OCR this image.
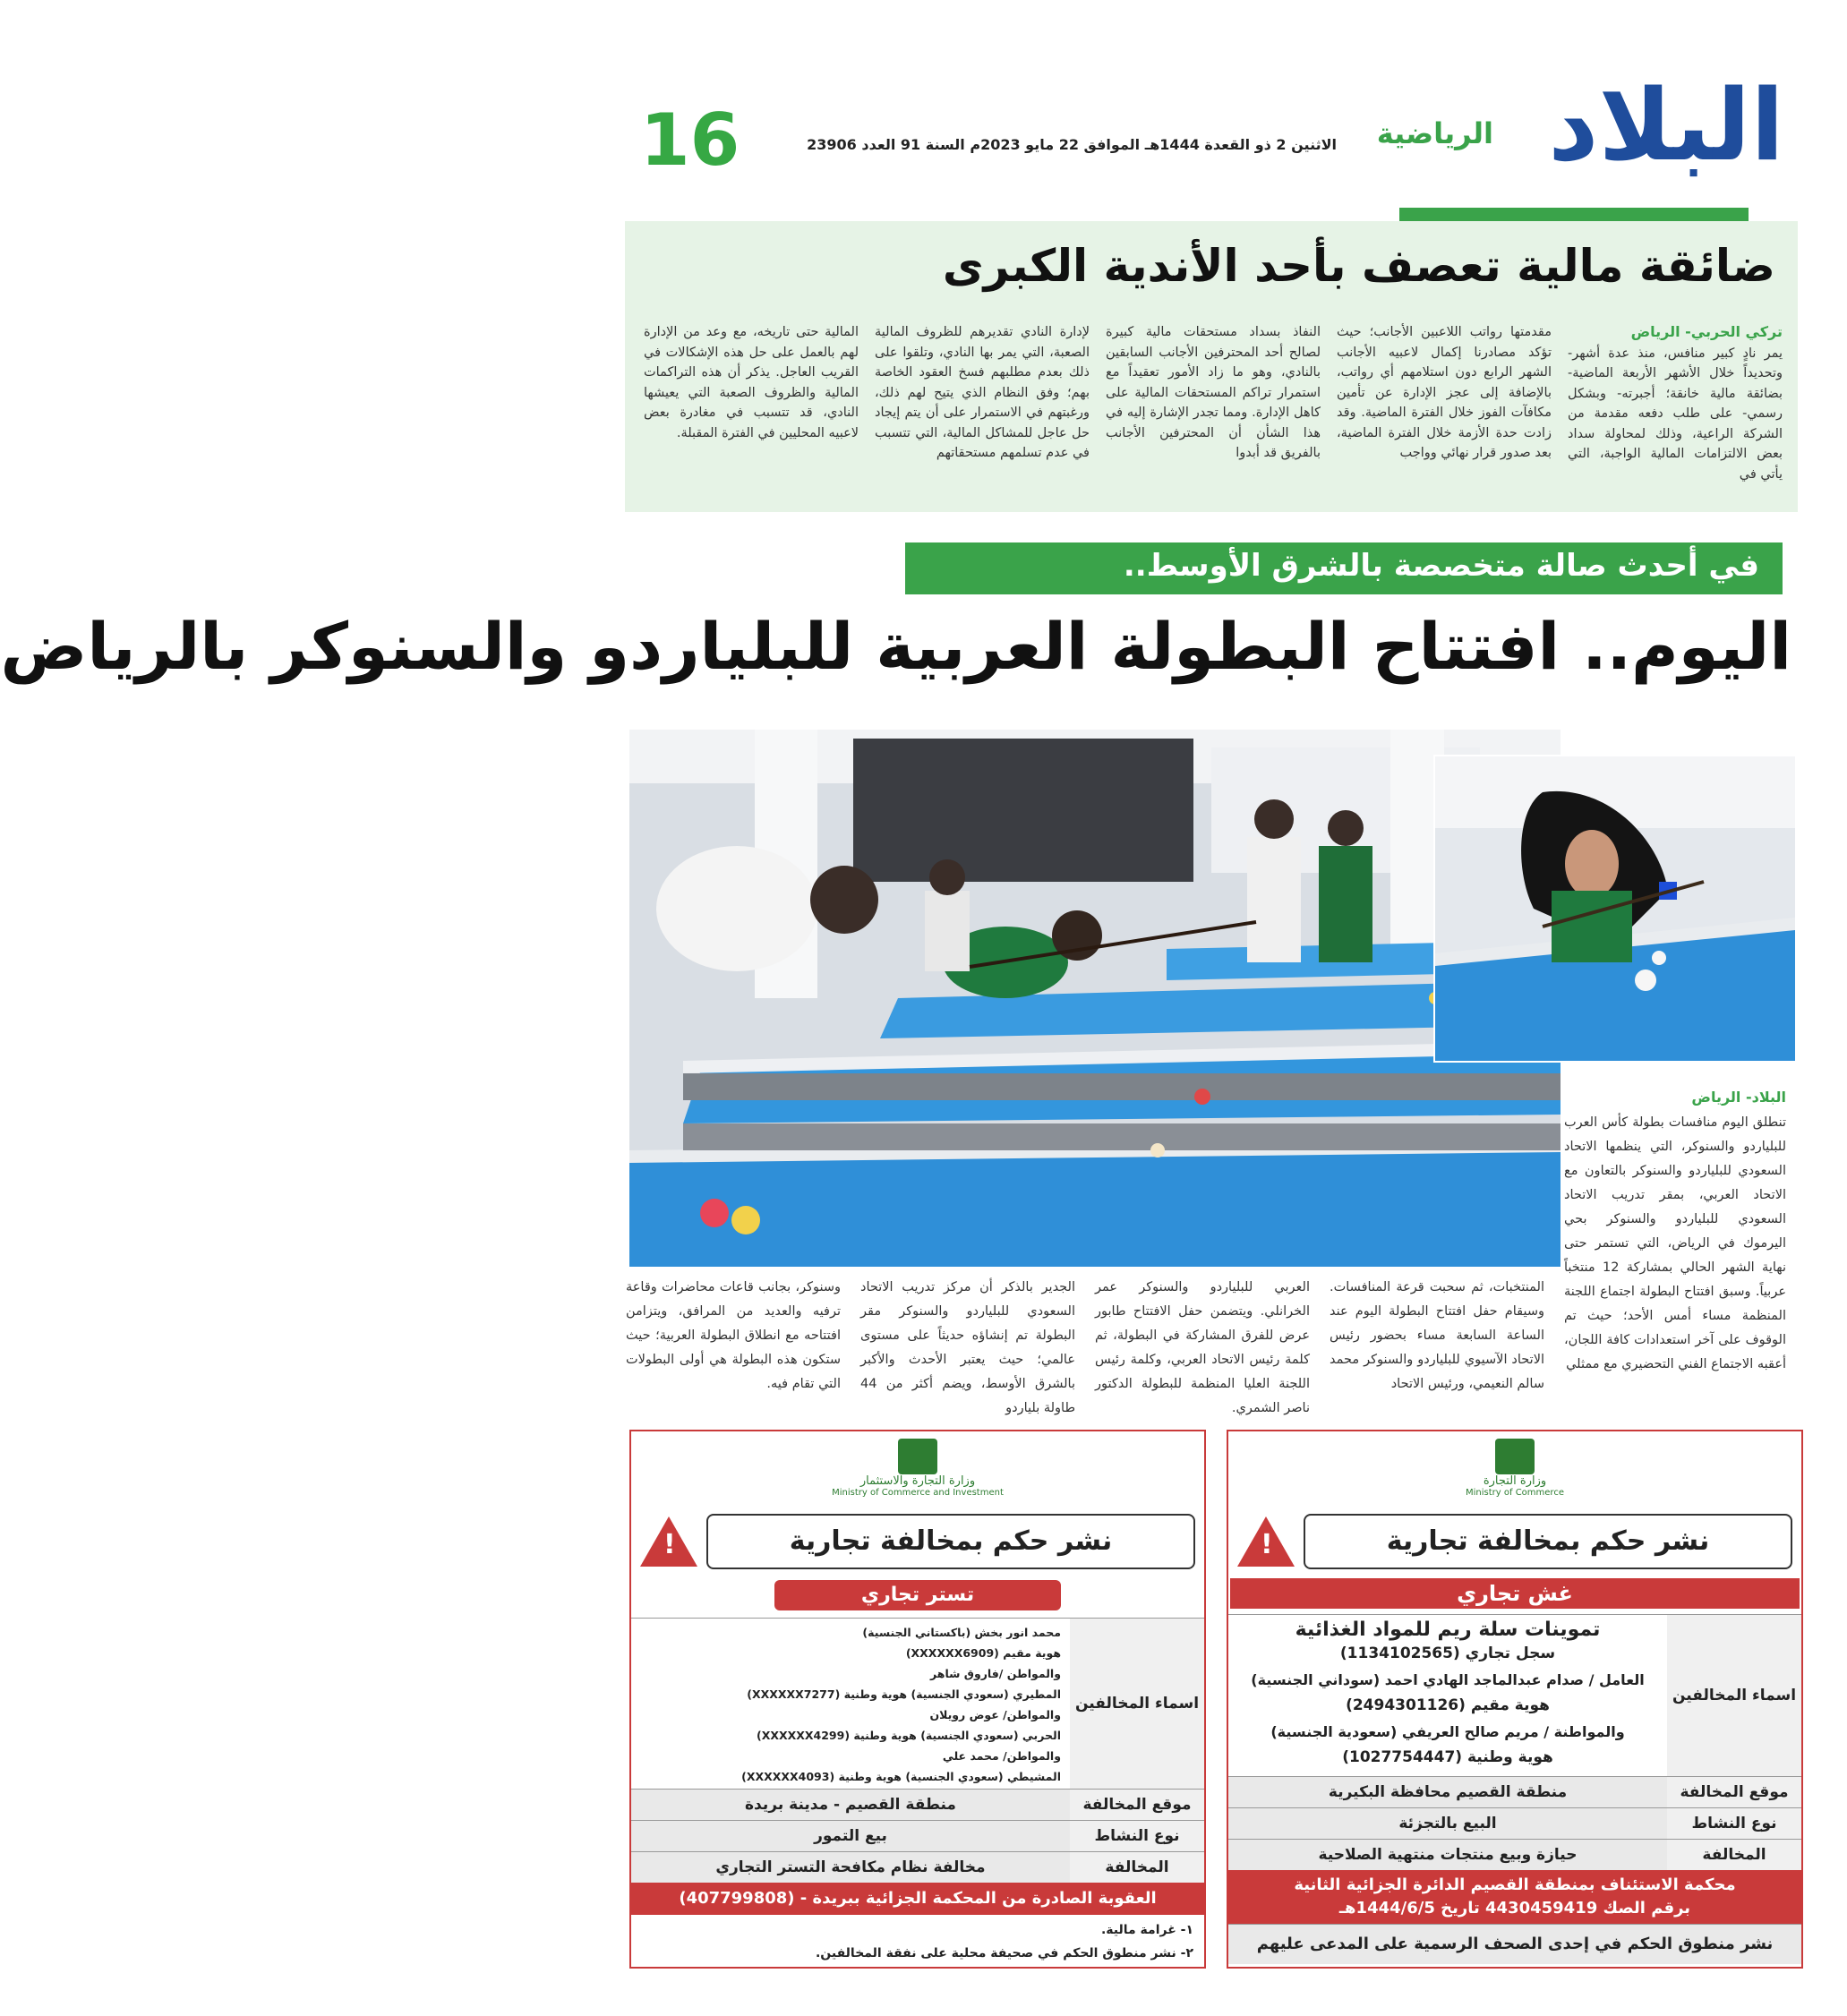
البلاد
الرياضية
الاثنين 2 ذو القعدة 1444هـ الموافق 22 مايو 2023م السنة 91 العدد 23906
16
ضائقة مالية تعصف بأحد الأندية الكبرى
تركي الحربي- الرياض
يمر نادٍ كبير منافس، منذ عدة أشهر-وتحديداً خلال الأشهر الأربعة الماضية- بضائقة مالية خانقة؛ أجبرته- وبشكل رسمي- على طلب دفعه مقدمة من الشركة الراعية، وذلك لمحاولة سداد بعض الالتزامات المالية الواجبة، التي يأتي في
مقدمتها رواتب اللاعبين الأجانب؛ حيث تؤكد مصادرنا إكمال لاعبيه الأجانب الشهر الرابع دون استلامهم أي رواتب، بالإضافة إلى عجز الإدارة عن تأمين مكافآت الفوز خلال الفترة الماضية. وقد زادت حدة الأزمة خلال الفترة الماضية، بعد صدور قرار نهائي وواجب
النفاذ بسداد مستحقات مالية كبيرة لصالح أحد المحترفين الأجانب السابقين بالنادي، وهو ما زاد الأمور تعقيداً مع استمرار تراكم المستحقات المالية على كاهل الإدارة. ومما تجدر الإشارة إليه في هذا الشأن أن المحترفين الأجانب بالفريق قد أبدوا
لإدارة النادي تقديرهم للظروف المالية الصعبة، التي يمر بها النادي، وتلقوا على ذلك بعدم مطلبهم فسخ العقود الخاصة بهم؛ وفق النظام الذي يتيح لهم ذلك، ورغبتهم في الاستمرار على أن يتم إيجاد حل عاجل للمشاكل المالية، التي تتسبب في عدم تسلمهم مستحقاتهم
المالية حتى تاريخه، مع وعد من الإدارة لهم بالعمل على حل هذه الإشكالات في القريب العاجل. يذكر أن هذه التراكمات المالية والظروف الصعبة التي يعيشها النادي، قد تتسبب في مغادرة بعض لاعبيه المحليين في الفترة المقبلة.
في أحدث صالة متخصصة بالشرق الأوسط..
اليوم.. افتتاح البطولة العربية للبلياردو والسنوكر بالرياض
البلاد- الرياض
تنطلق اليوم منافسات بطولة كأس العرب للبلياردو والسنوكر، التي ينظمها الاتحاد السعودي للبلياردو والسنوكر بالتعاون مع الاتحاد العربي، بمقر تدريب الاتحاد السعودي للبلياردو والسنوكر بحي اليرموك في الرياض، التي تستمر حتى نهاية الشهر الحالي بمشاركة 12 منتخباً عربياً. وسبق افتتاح البطولة اجتماع اللجنة المنظمة مساء أمس الأحد؛ حيث تم الوقوف على آخر استعدادات كافة اللجان، أعقبه الاجتماع الفني التحضيري مع ممثلي
المنتخبات، ثم سحبت قرعة المنافسات. وسيقام حفل افتتاح البطولة اليوم عند الساعة السابعة مساء بحضور رئيس الاتحاد الآسيوي للبلياردو والسنوكر محمد سالم النعيمي، ورئيس الاتحاد
العربي للبلياردو والسنوكر عمر الخرانلي. ويتضمن حفل الافتتاح طابور عرض للفرق المشاركة في البطولة، ثم كلمة رئيس الاتحاد العربي، وكلمة رئيس اللجنة العليا المنظمة للبطولة الدكتور ناصر الشمري.
الجدير بالذكر أن مركز تدريب الاتحاد السعودي للبلياردو والسنوكر مقر البطولة تم إنشاؤه حديثاً على مستوى عالمي؛ حيث يعتبر الأحدث والأكبر بالشرق الأوسط، ويضم أكثر من 44 طاولة بلياردو
وسنوكر، بجانب قاعات محاضرات وقاعة ترفيه والعديد من المرافق، ويتزامن افتتاحه مع انطلاق البطولة العربية؛ حيث ستكون هذه البطولة هي أولى البطولات التي تقام فيه.
وزارة التجارة
Ministry of Commerce
نشر حكم بمخالفة تجارية
!
غش تجاري
اسماء المخالفين
تموينات سلة ريم للمواد الغذائية
سجل تجاري (1134102565)
العامل / صدام عبدالماجد الهادي احمد (سوداني الجنسية)
هوية مقيم (2494301126)
والمواطنة / مريم صالح العريفي (سعودية الجنسية)
هوية وطنية (1027754447)
موقع المخالفة
منطقة القصيم محافظة البكيرية
نوع النشاط
البيع بالتجزئة
المخالفة
حيازة وبيع منتجات منتهية الصلاحية
محكمة الاستئناف بمنطقة القصيم الدائرة الجزائية الثانية
برقم الصك 4430459419 تاريخ 1444/6/5هـ
نشر منطوق الحكم في إحدى الصحف الرسمية على المدعى عليهم
وزارة التجارة والاستثمار
Ministry of Commerce and Investment
نشر حكم بمخالفة تجارية
!
تستر تجاري
اسماء المخالفين
محمد انور بخش (باكستاني الجنسية)
هوية مقيم (XXXXXX6909)
والمواطن /فاروق شاهر
المطيري (سعودي الجنسية) هوية وطنية (XXXXXX7277)
والمواطن/ عوض رويلان
الحربي (سعودي الجنسية) هوية وطنية (XXXXXX4299)
والمواطن/ محمد علي
المشيطي (سعودي الجنسية) هوية وطنية (XXXXXX4093)
موقع المخالفة
منطقة القصيم - مدينة بريدة
نوع النشاط
بيع التمور
المخالفة
مخالفة نظام مكافحة التستر التجاري
العقوبة الصادرة من المحكمة الجزائية ببريدة - (407799808)
١- غرامة مالية.
٢- نشر منطوق الحكم في صحيفة محلية على نفقة المخالفين.
